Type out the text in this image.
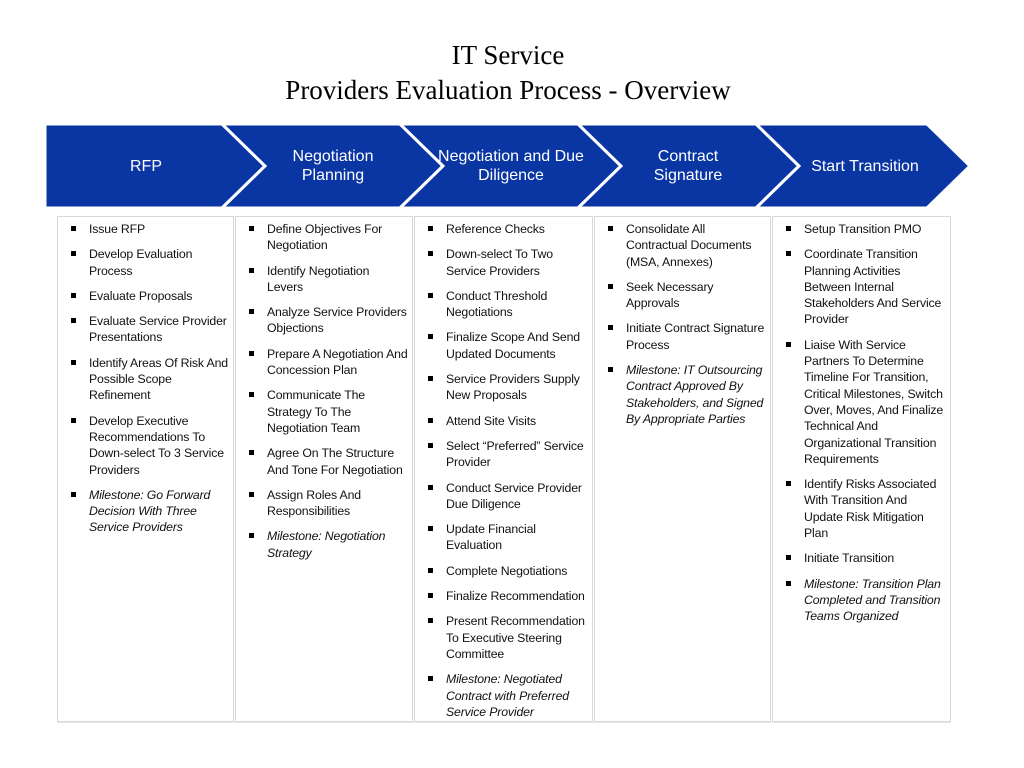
IT Service
Providers Evaluation Process - Overview
RFP
Negotiation Planning
Negotiation and Due Diligence
Contract Signature
Start Transition
Issue RFP
Develop Evaluation Process
Evaluate Proposals
Evaluate Service Provider Presentations
Identify Areas Of Risk And Possible Scope Refinement
Develop Executive Recommendations To Down-select To 3 Service Providers
Milestone: Go Forward Decision With Three Service Providers
Define Objectives For Negotiation
Identify Negotiation Levers
Analyze Service Providers Objections
Prepare A Negotiation And Concession Plan
Communicate The Strategy To The Negotiation Team
Agree On The Structure And Tone For Negotiation
Assign Roles And Responsibilities
Milestone: Negotiation Strategy
Reference Checks
Down-select To Two Service Providers
Conduct Threshold Negotiations
Finalize Scope And Send Updated Documents
Service Providers Supply New Proposals
Attend Site Visits
Select “Preferred” Service Provider
Conduct Service Provider Due Diligence
Update Financial Evaluation
Complete Negotiations
Finalize Recommendation
Present Recommendation To Executive Steering Committee
Milestone: Negotiated Contract with Preferred Service Provider
Consolidate All Contractual Documents (MSA, Annexes)
Seek Necessary Approvals
Initiate Contract Signature Process
Milestone: IT Outsourcing Contract Approved By Stakeholders, and Signed By Appropriate Parties
Setup Transition PMO
Coordinate Transition Planning Activities Between Internal Stakeholders And Service Provider
Liaise With Service Partners To Determine Timeline For Transition, Critical Milestones, Switch Over, Moves, And Finalize Technical And Organizational Transition Requirements
Identify Risks Associated With Transition And Update Risk Mitigation Plan
Initiate Transition
Milestone: Transition Plan Completed and Transition Teams Organized
